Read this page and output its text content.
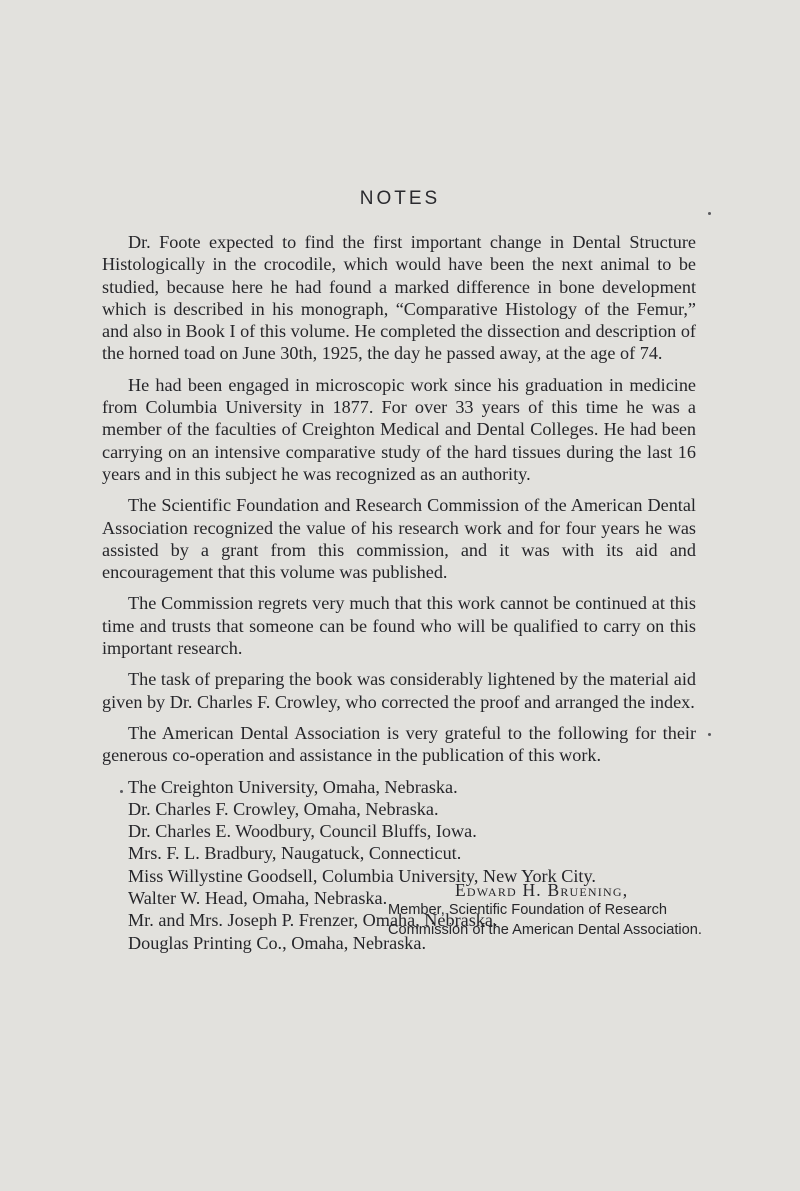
NOTES

Dr. Foote expected to find the first important change in Dental Structure Histologically in the crocodile, which would have been the next animal to be studied, because here he had found a marked difference in bone development which is described in his monograph, “Comparative Histology of the Femur,” and also in Book I of this volume. He completed the dissection and description of the horned toad on June 30th, 1925, the day he passed away, at the age of 74.

He had been engaged in microscopic work since his graduation in medicine from Columbia University in 1877. For over 33 years of this time he was a member of the faculties of Creighton Medical and Dental Colleges. He had been carrying on an intensive comparative study of the hard tissues during the last 16 years and in this subject he was recognized as an authority.

The Scientific Foundation and Research Commission of the American Dental Association recognized the value of his research work and for four years he was assisted by a grant from this commission, and it was with its aid and encouragement that this volume was published.

The Commission regrets very much that this work cannot be continued at this time and trusts that someone can be found who will be qualified to carry on this important research.

The task of preparing the book was considerably lightened by the material aid given by Dr. Charles F. Crowley, who corrected the proof and arranged the index.

The American Dental Association is very grateful to the following for their generous co-operation and assistance in the publication of this work.

The Creighton University, Omaha, Nebraska.
Dr. Charles F. Crowley, Omaha, Nebraska.
Dr. Charles E. Woodbury, Council Bluffs, Iowa.
Mrs. F. L. Bradbury, Naugatuck, Connecticut.
Miss Willystine Goodsell, Columbia University, New York City.
Walter W. Head, Omaha, Nebraska.
Mr. and Mrs. Joseph P. Frenzer, Omaha, Nebraska.
Douglas Printing Co., Omaha, Nebraska.
Edward H. Bruening,
Member, Scientific Foundation of Research Commission of the American Dental Association.
